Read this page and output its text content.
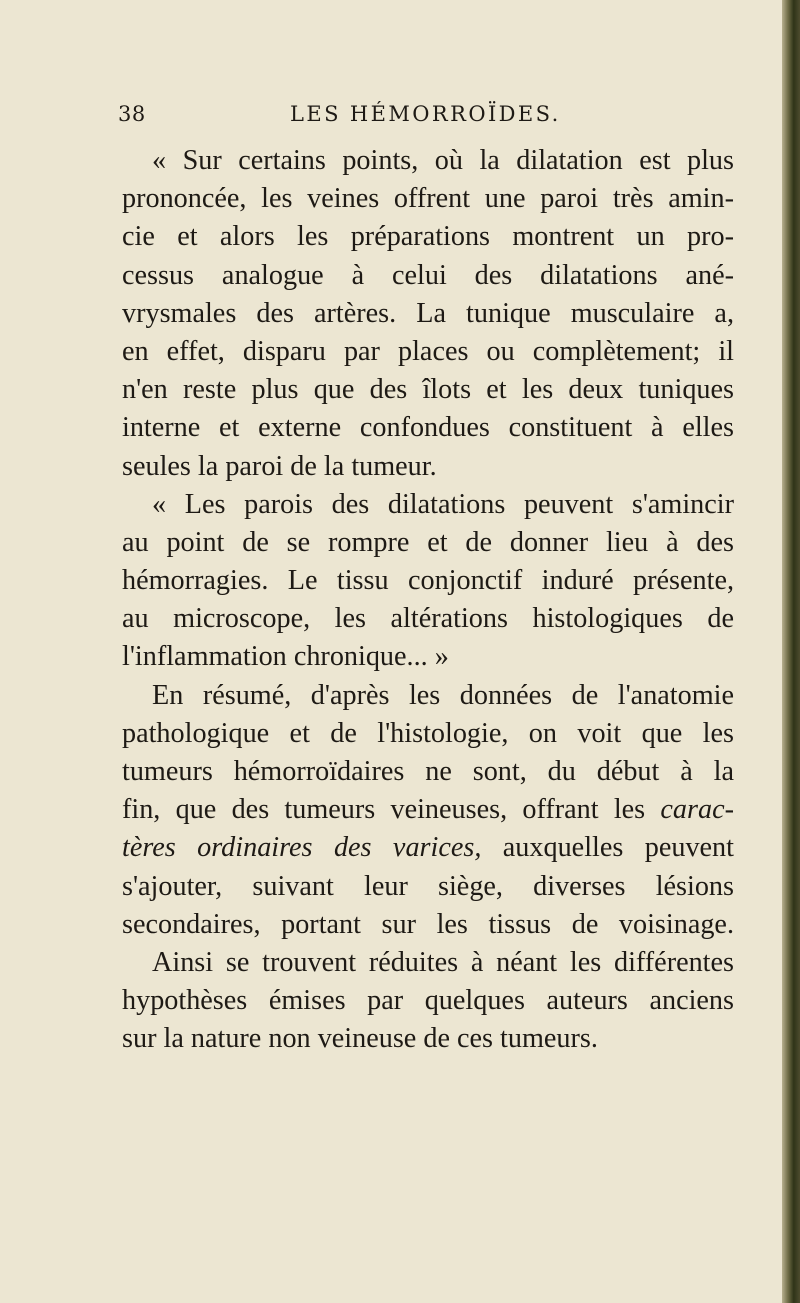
38	LES HÉMORROÏDES.
« Sur certains points, où la dilatation est plus
prononcée, les veines offrent une paroi très amin-
cie et alors les préparations montrent un pro-
cessus analogue à celui des dilatations ané-
vrysmales des artères. La tunique musculaire a,
en effet, disparu par places ou complètement; il
n'en reste plus que des îlots et les deux tuniques
interne et externe confondues constituent à elles
seules la paroi de la tumeur.
« Les parois des dilatations peuvent s'amincir
au point de se rompre et de donner lieu à des
hémorragies. Le tissu conjonctif induré présente,
au microscope, les altérations histologiques de
l'inflammation chronique... »
En résumé, d'après les données de l'anatomie
pathologique et de l'histologie, on voit que les
tumeurs hémorroïdaires ne sont, du début à la
fin, que des tumeurs veineuses, offrant les carac-
tères ordinaires des varices, auxquelles peuvent
s'ajouter, suivant leur siège, diverses lésions
secondaires, portant sur les tissus de voisinage.
Ainsi se trouvent réduites à néant les différentes
hypothèses émises par quelques auteurs anciens
sur la nature non veineuse de ces tumeurs.
